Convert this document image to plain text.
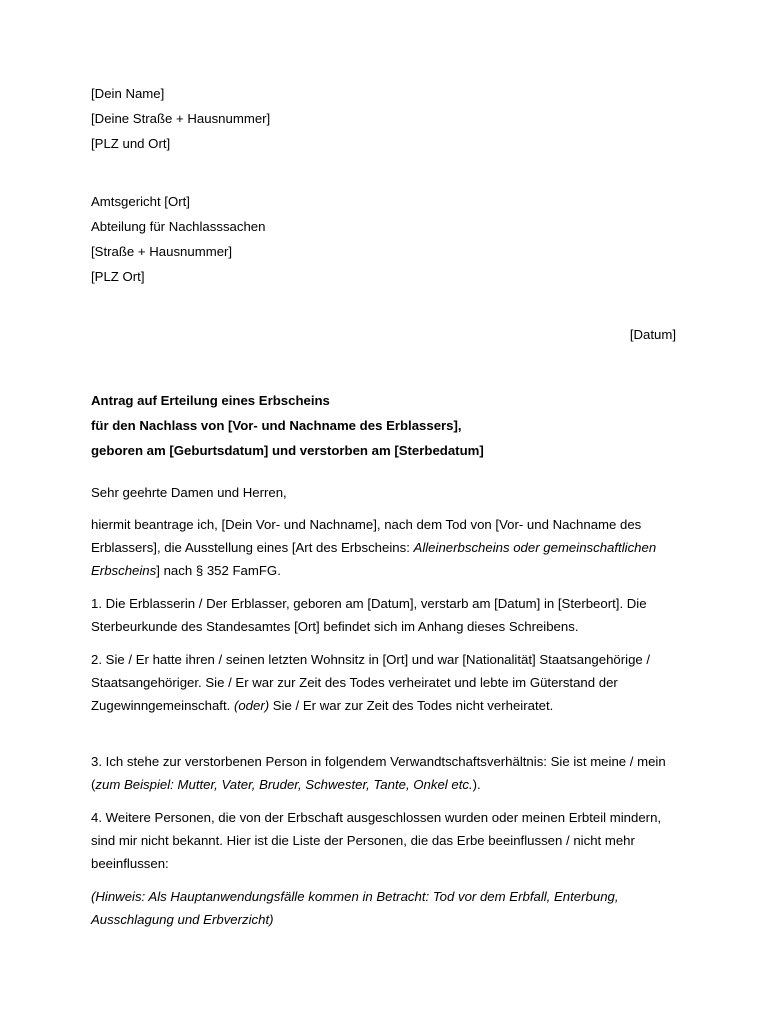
[Dein Name]
[Deine Straße + Hausnummer]
[PLZ und Ort]
Amtsgericht [Ort]
Abteilung für Nachlasssachen
[Straße + Hausnummer]
[PLZ Ort]
[Datum]
Antrag auf Erteilung eines Erbscheins
für den Nachlass von [Vor- und Nachname des Erblassers],
geboren am [Geburtsdatum] und verstorben am [Sterbedatum]
Sehr geehrte Damen und Herren,
hiermit beantrage ich, [Dein Vor- und Nachname], nach dem Tod von [Vor- und Nachname des Erblassers], die Ausstellung eines [Art des Erbscheins: Alleinerbscheins oder gemeinschaftlichen Erbscheins] nach § 352 FamFG.
1. Die Erblasserin / Der Erblasser, geboren am [Datum], verstarb am [Datum] in [Sterbeort]. Die Sterbeurkunde des Standesamtes [Ort] befindet sich im Anhang dieses Schreibens.
2. Sie / Er hatte ihren / seinen letzten Wohnsitz in [Ort] und war [Nationalität] Staatsangehörige / Staatsangehöriger. Sie / Er war zur Zeit des Todes verheiratet und lebte im Güterstand der Zugewinngemeinschaft. (oder) Sie / Er war zur Zeit des Todes nicht verheiratet.
3. Ich stehe zur verstorbenen Person in folgendem Verwandtschaftsverhältnis: Sie ist meine / mein (zum Beispiel: Mutter, Vater, Bruder, Schwester, Tante, Onkel etc.).
4. Weitere Personen, die von der Erbschaft ausgeschlossen wurden oder meinen Erbteil mindern, sind mir nicht bekannt. Hier ist die Liste der Personen, die das Erbe beeinflussen / nicht mehr beeinflussen:
(Hinweis: Als Hauptanwendungsfälle kommen in Betracht: Tod vor dem Erbfall, Enterbung, Ausschlagung und Erbverzicht)
